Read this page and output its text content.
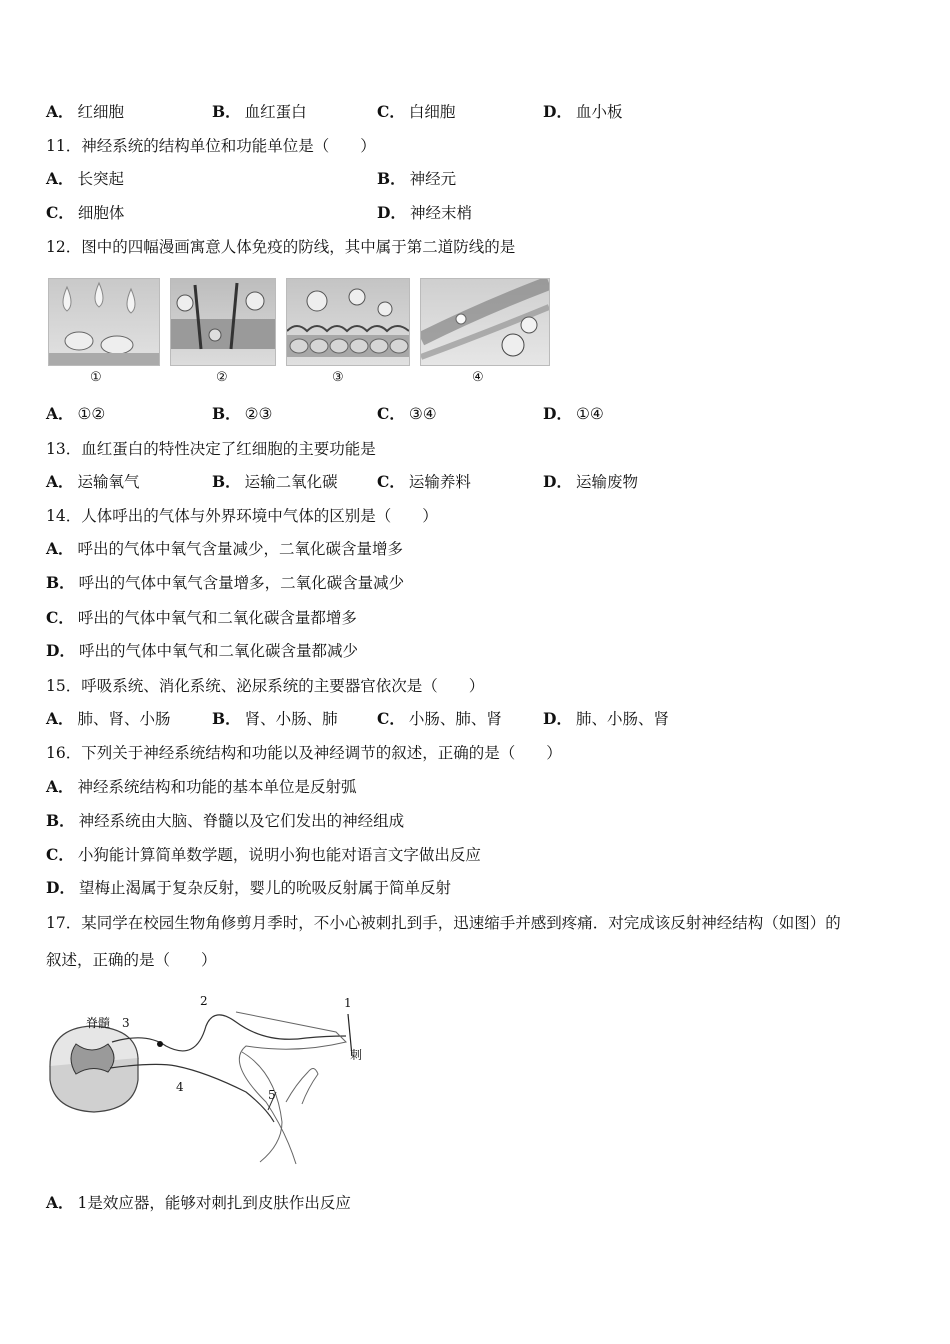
A． 红细胞	B． 血红蛋白	C． 白细胞	D． 血小板
11．神经系统的结构单位和功能单位是（　　）
A． 长突起	B． 神经元
C． 细胞体	D． 神经末梢
12．图中的四幅漫画寓意人体免疫的防线，其中属于第二道防线的是
①	②	③	④
A． ①②	B． ②③	C． ③④	D． ①④
13．血红蛋白的特性决定了红细胞的主要功能是
A． 运输氧气	B． 运输二氧化碳	C． 运输养料	D． 运输废物
14．人体呼出的气体与外界环境中气体的区别是（　　）
A． 呼出的气体中氧气含量减少，二氧化碳含量增多
B． 呼出的气体中氧气含量增多，二氧化碳含量减少
C． 呼出的气体中氧气和二氧化碳含量都增多
D． 呼出的气体中氧气和二氧化碳含量都减少
15．呼吸系统、消化系统、泌尿系统的主要器官依次是（　　）
A． 肺、肾、小肠	B． 肾、小肠、肺	C． 小肠、肺、肾	D． 肺、小肠、肾
16．下列关于神经系统结构和功能以及神经调节的叙述，正确的是（　　）
A． 神经系统结构和功能的基本单位是反射弧
B． 神经系统由大脑、脊髓以及它们发出的神经组成
C． 小狗能计算简单数学题，说明小狗也能对语言文字做出反应
D． 望梅止渴属于复杂反射，婴儿的吮吸反射属于简单反射
17．某同学在校园生物角修剪月季时，不小心被刺扎到手，迅速缩手并感到疼痛．对完成该反射神经结构（如图）的
叙述，正确的是（　　）
脊髓
1
2
3
4
5
刺
A． 1是效应器，能够对刺扎到皮肤作出反应
